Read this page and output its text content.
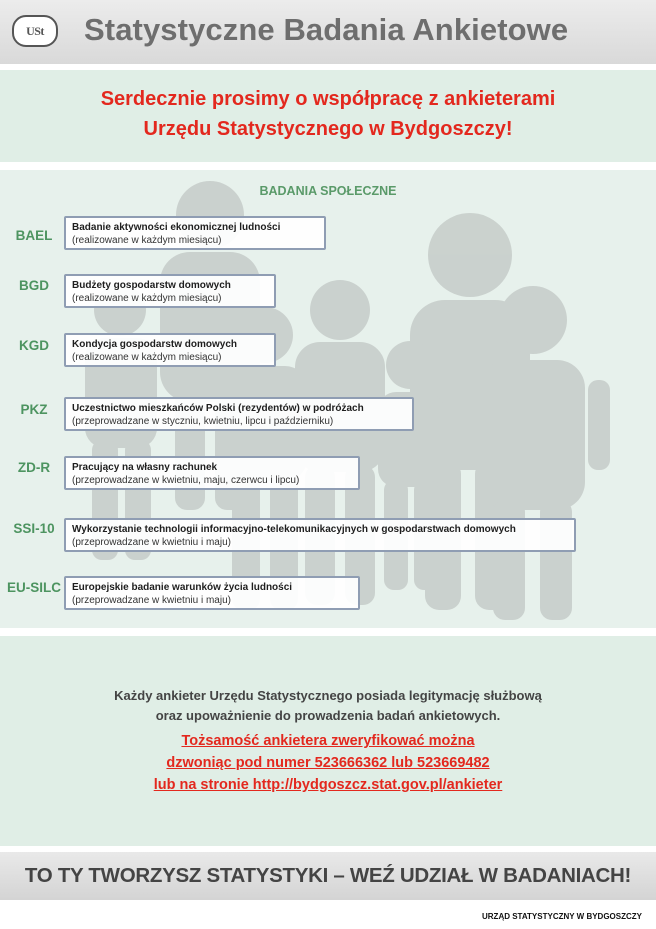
USt Statystyczne Badania Ankietowe
Serdecznie prosimy o współpracę z ankieterami
Urzędu Statystycznego w Bydgoszczy!
BADANIA SPOŁECZNE
BAEL
Badanie aktywności ekonomicznej ludności
(realizowane w każdym miesiącu)
BGD	Budżety gospodarstw domowych
(realizowane w każdym miesiącu)
KGD	Kondycja gospodarstw domowych
(realizowane w każdym miesiącu)
PKZ	Uczestnictwo mieszkańców Polski (rezydentów) w podróżach
(przeprowadzane w styczniu, kwietniu, lipcu i październiku)
ZD-R	Pracujący na własny rachunek
(przeprowadzane w kwietniu, maju, czerwcu i lipcu)
SSI-10	Wykorzystanie technologii informacyjno-telekomunikacyjnych w gospodarstwach domowych
(przeprowadzane w kwietniu i maju)
EU-SILC	Europejskie badanie warunków życia ludności
(przeprowadzane w kwietniu i maju)
Każdy ankieter Urzędu Statystycznego posiada legitymację służbową
oraz upoważnienie do prowadzenia badań ankietowych.
Tożsamość ankietera zweryfikować można
dzwoniąc pod numer 523666362 lub 523669482
lub na stronie http://bydgoszcz.stat.gov.pl/ankieter
TO TY TWORZYSZ STATYSTYKI – WEŹ UDZIAŁ W BADANIACH!
URZĄD STATYSTYCZNY W BYDGOSZCZY
